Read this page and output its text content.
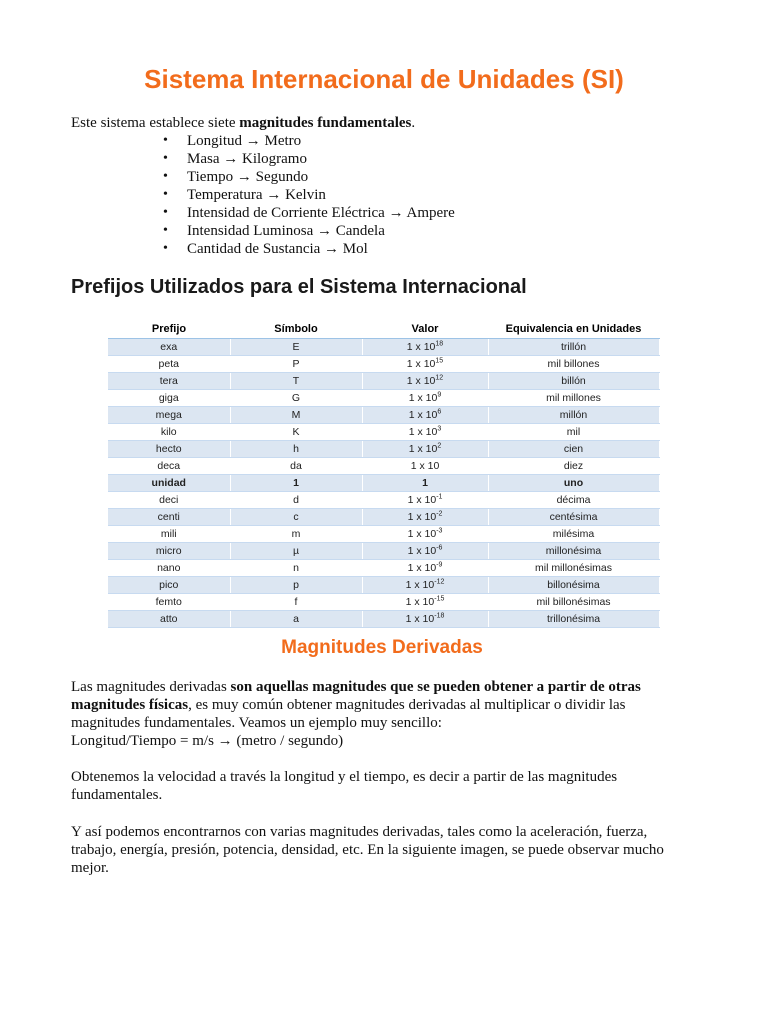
Sistema Internacional de Unidades (SI)

Este sistema establece siete magnitudes fundamentales.

• Longitud → Metro
• Masa → Kilogramo
• Tiempo → Segundo
• Temperatura → Kelvin
• Intensidad de Corriente Eléctrica → Ampere
• Intensidad Luminosa → Candela
• Cantidad de Sustancia → Mol
Prefijos Utilizados para el Sistema Internacional
Prefijo	Símbolo	Valor	Equivalencia en Unidades
exa	E	1 x $10^{18}$	trillón
peta	P	1 x $10^{15}$	mil billones
tera	T	1 x $10^{12}$	billón
giga	G	1 x $10^9$	mil millones
mega	M	1 x $10^6$	millón
kilo	K	1 x $10^3$	mil
hecto	h	1 x $10^2$	cien
deca	da	1 x 10	diez
unidad	1	1	uno
deci	d	1 x $10^{-1}$	décima
centi	c	1 x $10^{-2}$	centésima
mili	m	1 x $10^{-3}$	milésima
micro	µ	1 x $10^{-6}$	millonésima
nano	n	1 x $10^{-9}$	mil millonésimas
pico	p	1 x $10^{-12}$	billonésima
femto	f	1 x $10^{-15}$	mil billonésimas
atto	a	1 x $10^{-18}$	trillonésima
Magnitudes Derivadas

Las magnitudes derivadas son aquellas magnitudes que se pueden obtener a partir de otras magnitudes físicas, es muy común obtener magnitudes derivadas al multiplicar o dividir las magnitudes fundamentales. Veamos un ejemplo muy sencillo:
Longitud/Tiempo = m/s → (metro / segundo)

Obtenemos la velocidad a través la longitud y el tiempo, es decir a partir de las magnitudes fundamentales.

Y así podemos encontrarnos con varias magnitudes derivadas, tales como la aceleración, fuerza, trabajo, energía, presión, potencia, densidad, etc. En la siguiente imagen, se puede observar mucho mejor.
